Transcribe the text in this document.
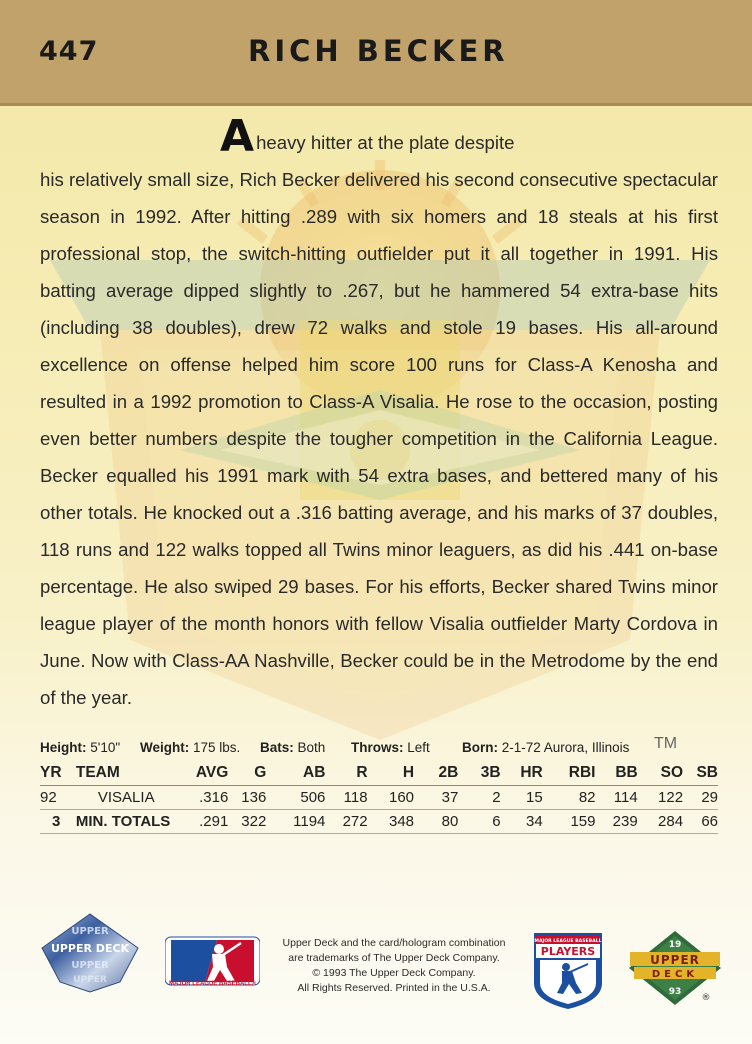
447	RICH BECKER
Aheavy hitter at the plate despite
his relatively small size, Rich Becker delivered his second consecutive spectacular season in 1992. After hitting .289 with six homers and 18 steals at his first professional stop, the switch-hitting outfielder put it all together in 1991. His batting average dipped slightly to .267, but he hammered 54 extra-base hits (including 38 doubles), drew 72 walks and stole 19 bases. His all-around excellence on offense helped him score 100 runs for Class-A Kenosha and resulted in a 1992 promotion to Class-A Visalia. He rose to the occasion, posting even better numbers despite the tougher competition in the California League. Becker equalled his 1991 mark with 54 extra bases, and bettered many of his other totals. He knocked out a .316 batting average, and his marks of 37 doubles, 118 runs and 122 walks topped all Twins minor leaguers, as did his .441 on-base percentage. He also swiped 29 bases. For his efforts, Becker shared Twins minor league player of the month honors with fellow Visalia outfielder Marty Cordova in June. Now with Class-AA Nashville, Becker could be in the Metrodome by the end of the year.
Height: 5'10" Weight: 175 lbs. Bats: Both Throws: Left Born: 2-1-72 Aurora, Illinois TM
YR	TEAM	AVG	G	AB	R	H	2B	3B	HR	RBI	BB	SO	SB
92	VISALIA	.316	136	506	118	160	37	2	15	82	114	122	29
3	MIN. TOTALS	.291	322	1194	272	348	80	6	34	159	239	284	66
UPPER
UPPER DECK
UPPER
UPPER	MAJOR LEAGUE BASEBALL®
Upper Deck and the card/hologram combination
are trademarks of The Upper Deck Company.
© 1993 The Upper Deck Company.
All Rights Reserved. Printed in the U.S.A.
MAJOR LEAGUE BASEBALL
PLAYERS	19
UPPER
DECK
93
®
